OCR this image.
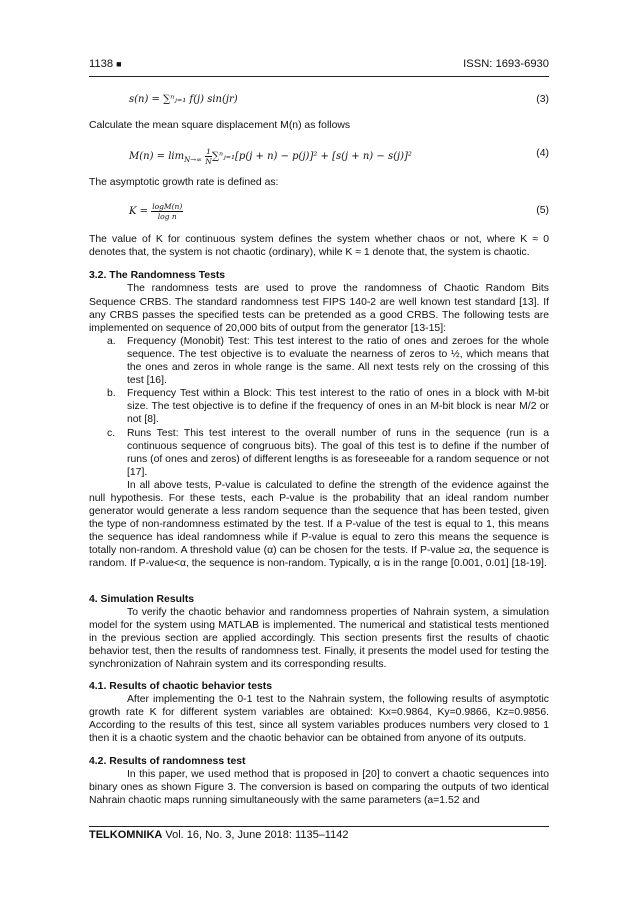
1138 ■	ISSN: 1693-6930
s(n) = ∑ⁿⱼ₌₁ f(j) sin(jr)	(3)

Calculate the mean square displacement M(n) as follows

$M(n) = \lim_{N\to\infty} \frac{1}{N}$ ∑ⁿⱼ₌₁[p(j + n) − p(j)]² + [s(j + n) − s(j)]²	(4)

The asymptotic growth rate is defined as:

$K = \frac{\log M(n)}{\text{log n}}$	(5)

The value of K for continuous system defines the system whether chaos or not, where K ≈ 0 denotes that, the system is not chaotic (ordinary), while K ≈ 1 denote that, the system is chaotic.

3.2. The Randomness Tests

The randomness tests are used to prove the randomness of Chaotic Random Bits Sequence CRBS. The standard randomness test FIPS 140-2 are well known test standard [13]. If any CRBS passes the specified tests can be pretended as a good CRBS. The following tests are implemented on sequence of 20,000 bits of output from the generator [13-15]:

a. Frequency (Monobit) Test: This test interest to the ratio of ones and zeroes for the whole sequence. The test objective is to evaluate the nearness of zeros to ½, which means that the ones and zeros in whole range is the same. All next tests rely on the crossing of this test [16].
b. Frequency Test within a Block: This test interest to the ratio of ones in a block with M-bit size. The test objective is to define if the frequency of ones in an M-bit block is near M/2 or not [8].
c. Runs Test: This test interest to the overall number of runs in the sequence (run is a continuous sequence of congruous bits). The goal of this test is to define if the number of runs (of ones and zeros) of different lengths is as foreseeable for a random sequence or not [17].

In all above tests, P-value is calculated to define the strength of the evidence against the null hypothesis. For these tests, each P-value is the probability that an ideal random number generator would generate a less random sequence than the sequence that has been tested, given the type of non-randomness estimated by the test. If a P-value of the test is equal to 1, this means the sequence has ideal randomness while if P-value is equal to zero this means the sequence is totally non-random. A threshold value (α) can be chosen for the tests. If P-value ≥α, the sequence is random. If P-value<α, the sequence is non-random. Typically, α is in the range [0.001, 0.01] [18-19].

4. Simulation Results

To verify the chaotic behavior and randomness properties of Nahrain system, a simulation model for the system using MATLAB is implemented. The numerical and statistical tests mentioned in the previous section are applied accordingly. This section presents first the results of chaotic behavior test, then the results of randomness test. Finally, it presents the model used for testing the synchronization of Nahrain system and its corresponding results.

4.1. Results of chaotic behavior tests

After implementing the 0-1 test to the Nahrain system, the following results of asymptotic growth rate K for different system variables are obtained: Kx=0.9864, Ky=0.9866, Kz=0.9856. According to the results of this test, since all system variables produces numbers very closed to 1 then it is a chaotic system and the chaotic behavior can be obtained from anyone of its outputs.

4.2. Results of randomness test

In this paper, we used method that is proposed in [20] to convert a chaotic sequences into binary ones as shown Figure 3. The conversion is based on comparing the outputs of two identical Nahrain chaotic maps running simultaneously with the same parameters (a=1.52 and

TELKOMNIKA Vol. 16, No. 3, June 2018: 1135–1142
